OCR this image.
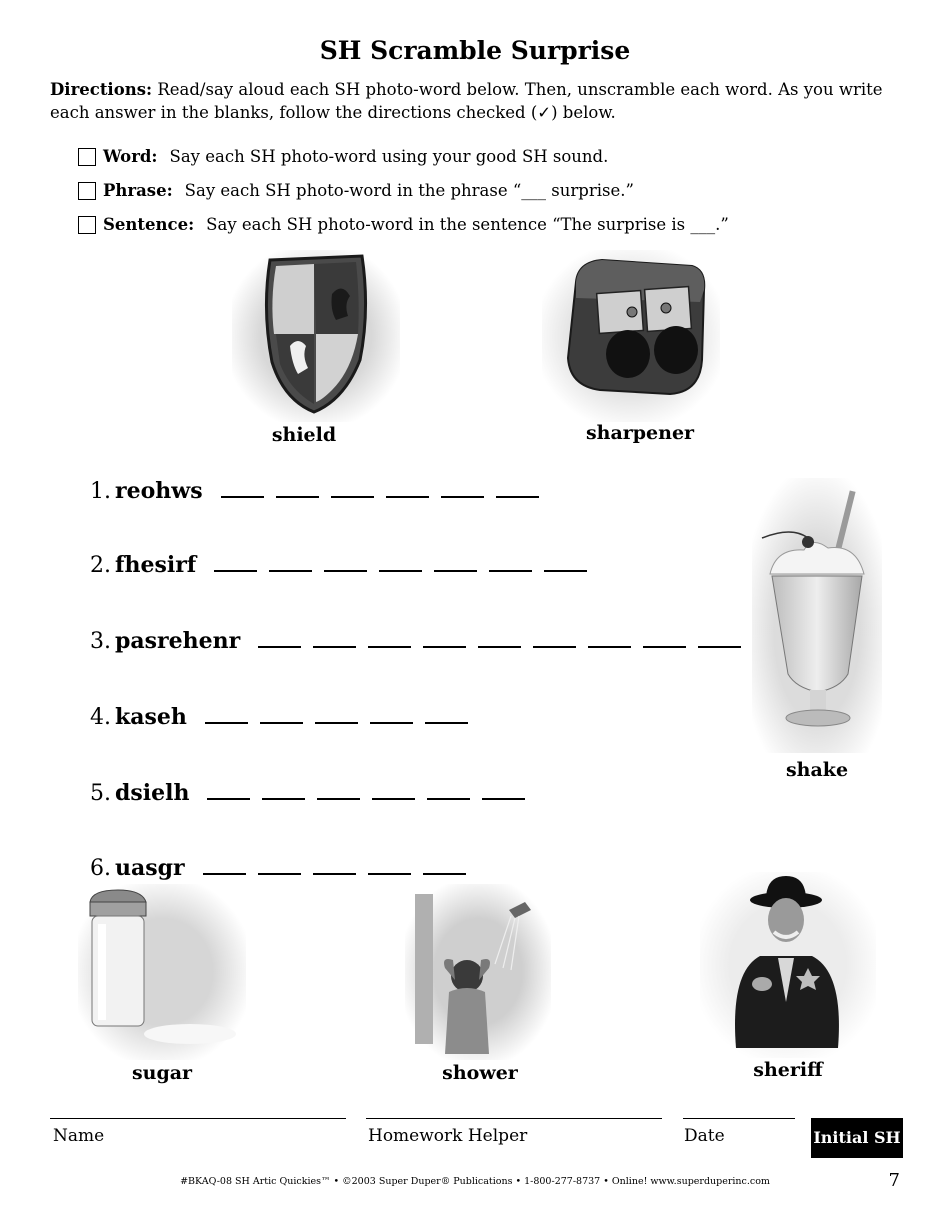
SH Scramble Surprise
Directions: Read/say aloud each SH photo-word below. Then, unscramble each word. As you write each answer in the blanks, follow the directions checked (✓) below.
Word: Say each SH photo-word using your good SH sound.
Phrase: Say each SH photo-word in the phrase “___ surprise.”
Sentence: Say each SH photo-word in the sentence “The surprise is ___.”
shield	sharpener
1. reohws
2. fhesirf
3. pasrehenr
4. kaseh
5. dsielh
6. uasgr
shake
sugar	shower	sheriff
Name	Homework Helper	Date	Initial SH
#BKAQ-08 SH Artic Quickies™ • ©2003 Super Duper® Publications • 1-800-277-8737 • Online! www.superduperinc.com	7
